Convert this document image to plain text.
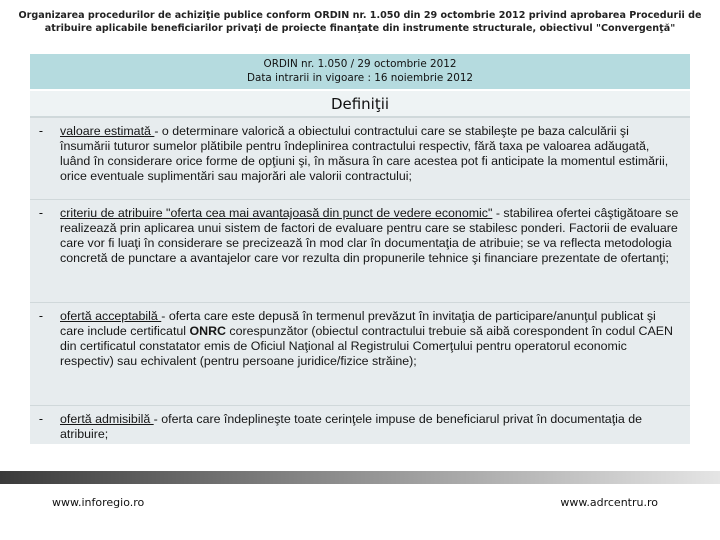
Organizarea procedurilor de achiziţie publice conform ORDIN nr. 1.050 din 29 octombrie 2012 privind aprobarea Procedurii de
atribuire aplicabile beneficiarilor privaţi de proiecte finanţate din instrumente structurale, obiectivul "Convergenţă"
ORDIN nr. 1.050 / 29 octombrie 2012
Data intrarii in vigoare : 16 noiembrie 2012
Definiţii
-	valoare estimată - o determinare valorică a obiectului contractului care se stabileşte pe baza calculării şi însumării tuturor sumelor plătibile pentru îndeplinirea contractului respectiv, fără taxa pe valoarea adăugată, luând în considerare orice forme de opţiuni şi, în măsura în care acestea pot fi anticipate la momentul estimării, orice eventuale suplimentări sau majorări ale valorii contractului;
-	criteriu de atribuire "oferta cea mai avantajoasă din punct de vedere economic" - stabilirea ofertei câştigătoare se realizează prin aplicarea unui sistem de factori de evaluare pentru care se stabilesc ponderi. Factorii de evaluare care vor fi luaţi în considerare se precizează în mod clar în documentaţia de atribuie; se va reflecta metodologia concretă de punctare a avantajelor care vor rezulta din propunerile tehnice şi financiare prezentate de ofertanţi;
-	ofertă acceptabilă - oferta care este depusă în termenul prevăzut în invitaţia de participare/anunţul publicat şi care include certificatul ONRC corespunzător (obiectul contractului trebuie să aibă corespondent în codul CAEN din certificatul constatator emis de Oficiul Naţional al Registrului Comerţului pentru operatorul economic respectiv) sau echivalent (pentru persoane juridice/fizice străine);
-	ofertă admisibilă - oferta care îndeplineşte toate cerinţele impuse de beneficiarul privat în documentaţia de atribuire;
www.inforegio.ro	www.adrcentru.ro
